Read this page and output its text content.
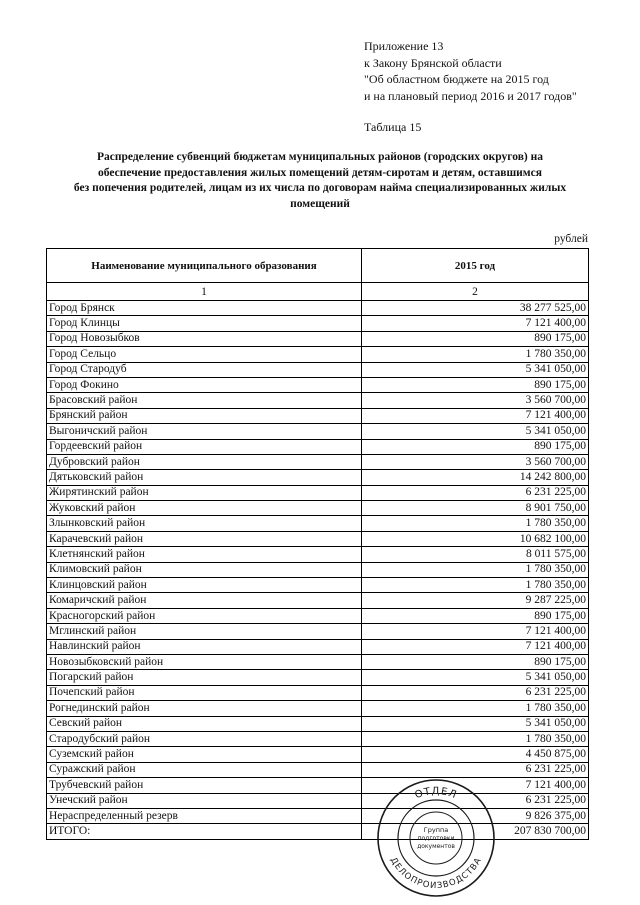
Приложение 13
к Закону Брянской области
"Об областном бюджете на 2015 год
и на плановый период 2016 и 2017 годов"
Таблица 15
Распределение субвенций бюджетам муниципальных районов (городских округов) на
обеспечение предоставления жилых помещений детям-сиротам и детям, оставшимся
без попечения родителей, лицам из их числа по договорам найма специализированных жилых
помещений
рублей
Наименование муниципального образования	2015 год
1	2
Город Брянск	38 277 525,00
Город Клинцы	7 121 400,00
Город Новозыбков	890 175,00
Город Сельцо	1 780 350,00
Город Стародуб	5 341 050,00
Город Фокино	890 175,00
Брасовский район	3 560 700,00
Брянский район	7 121 400,00
Выгоничский район	5 341 050,00
Гордеевский район	890 175,00
Дубровский район	3 560 700,00
Дятьковский район	14 242 800,00
Жирятинский район	6 231 225,00
Жуковский район	8 901 750,00
Злынковский район	1 780 350,00
Карачевский район	10 682 100,00
Клетнянский район	8 011 575,00
Климовский район	1 780 350,00
Клинцовский район	1 780 350,00
Комаричский район	9 287 225,00
Красногорский район	890 175,00
Мглинский район	7 121 400,00
Навлинский район	7 121 400,00
Новозыбковский район	890 175,00
Погарский район	5 341 050,00
Почепский район	6 231 225,00
Рогнединский район	1 780 350,00
Севский район	5 341 050,00
Стародубский район	1 780 350,00
Суземский район	4 450 875,00
Суражский район	6 231 225,00
Трубчевский район	7 121 400,00
Унечский район	6 231 225,00
Нераспределенный резерв	9 826 375,00
ИТОГО:	207 830 700,00
ОТДЕЛ
ДЕЛОПРОИЗВОДСТВА
Группа
подготовки
документов
